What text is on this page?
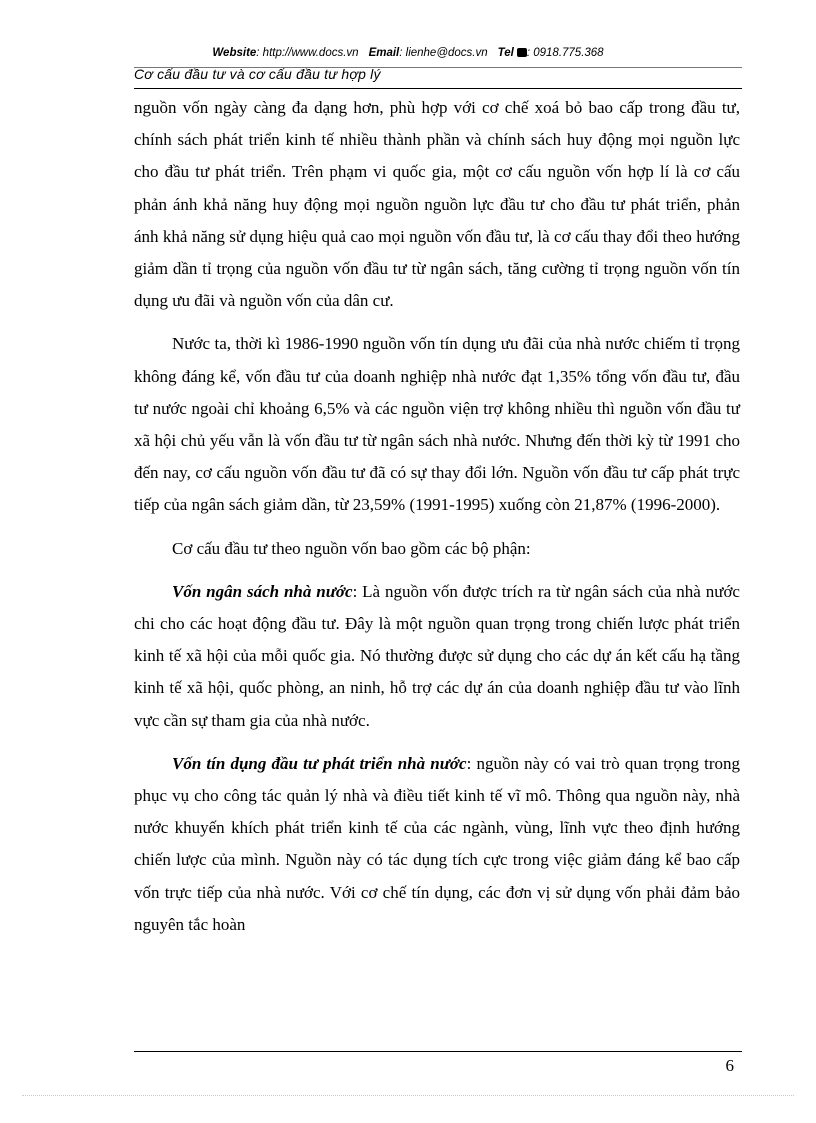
Website: http://www.docs.vn Email: lienhe@docs.vn Tel : 0918.775.368
Cơ cấu đầu tư và cơ cấu đầu tư hợp lý

nguồn vốn ngày càng đa dạng hơn, phù hợp với cơ chế xoá bỏ bao cấp trong đầu tư, chính sách phát triển kinh tế nhiều thành phần và chính sách huy động mọi nguồn lực cho đầu tư phát triển. Trên phạm vi quốc gia, một cơ cấu nguồn vốn hợp lí là cơ cấu phản ánh khả năng huy động mọi nguồn nguồn lực đầu tư cho đầu tư phát triển, phản ánh khả năng sử dụng hiệu quả cao mọi nguồn vốn đầu tư, là cơ cấu thay đổi theo hướng giảm dần tỉ trọng của nguồn vốn đầu tư từ ngân sách, tăng cường tỉ trọng nguồn vốn tín dụng ưu đãi và nguồn vốn của dân cư.

Nước ta, thời kì 1986-1990 nguồn vốn tín dụng ưu đãi của nhà nước chiếm tỉ trọng không đáng kể, vốn đầu tư của doanh nghiệp nhà nước đạt 1,35% tổng vốn đầu tư, đầu tư nước ngoài chỉ khoảng 6,5% và các nguồn viện trợ không nhiều thì nguồn vốn đầu tư xã hội chủ yếu vẫn là vốn đầu tư từ ngân sách nhà nước. Nhưng đến thời kỳ từ 1991 cho đến nay, cơ cấu nguồn vốn đầu tư đã có sự thay đổi lớn. Nguồn vốn đầu tư cấp phát trực tiếp của ngân sách giảm dần, từ 23,59% (1991-1995) xuống còn 21,87% (1996-2000).

Cơ cấu đầu tư theo nguồn vốn bao gồm các bộ phận:

Vốn ngân sách nhà nước: Là nguồn vốn được trích ra từ ngân sách của nhà nước chi cho các hoạt động đầu tư. Đây là một nguồn quan trọng trong chiến lược phát triển kinh tế xã hội của mỗi quốc gia. Nó thường được sử dụng cho các dự án kết cấu hạ tầng kinh tế xã hội, quốc phòng, an ninh, hỗ trợ các dự án của doanh nghiệp đầu tư vào lĩnh vực cần sự tham gia của nhà nước.

Vốn tín dụng đầu tư phát triển nhà nước: nguồn này có vai trò quan trọng trong phục vụ cho công tác quản lý nhà và điều tiết kinh tế vĩ mô. Thông qua nguồn này, nhà nước khuyến khích phát triển kinh tế của các ngành, vùng, lĩnh vực theo định hướng chiến lược của mình. Nguồn này có tác dụng tích cực trong việc giảm đáng kể bao cấp vốn trực tiếp của nhà nước. Với cơ chế tín dụng, các đơn vị sử dụng vốn phải đảm bảo nguyên tắc hoàn

6
